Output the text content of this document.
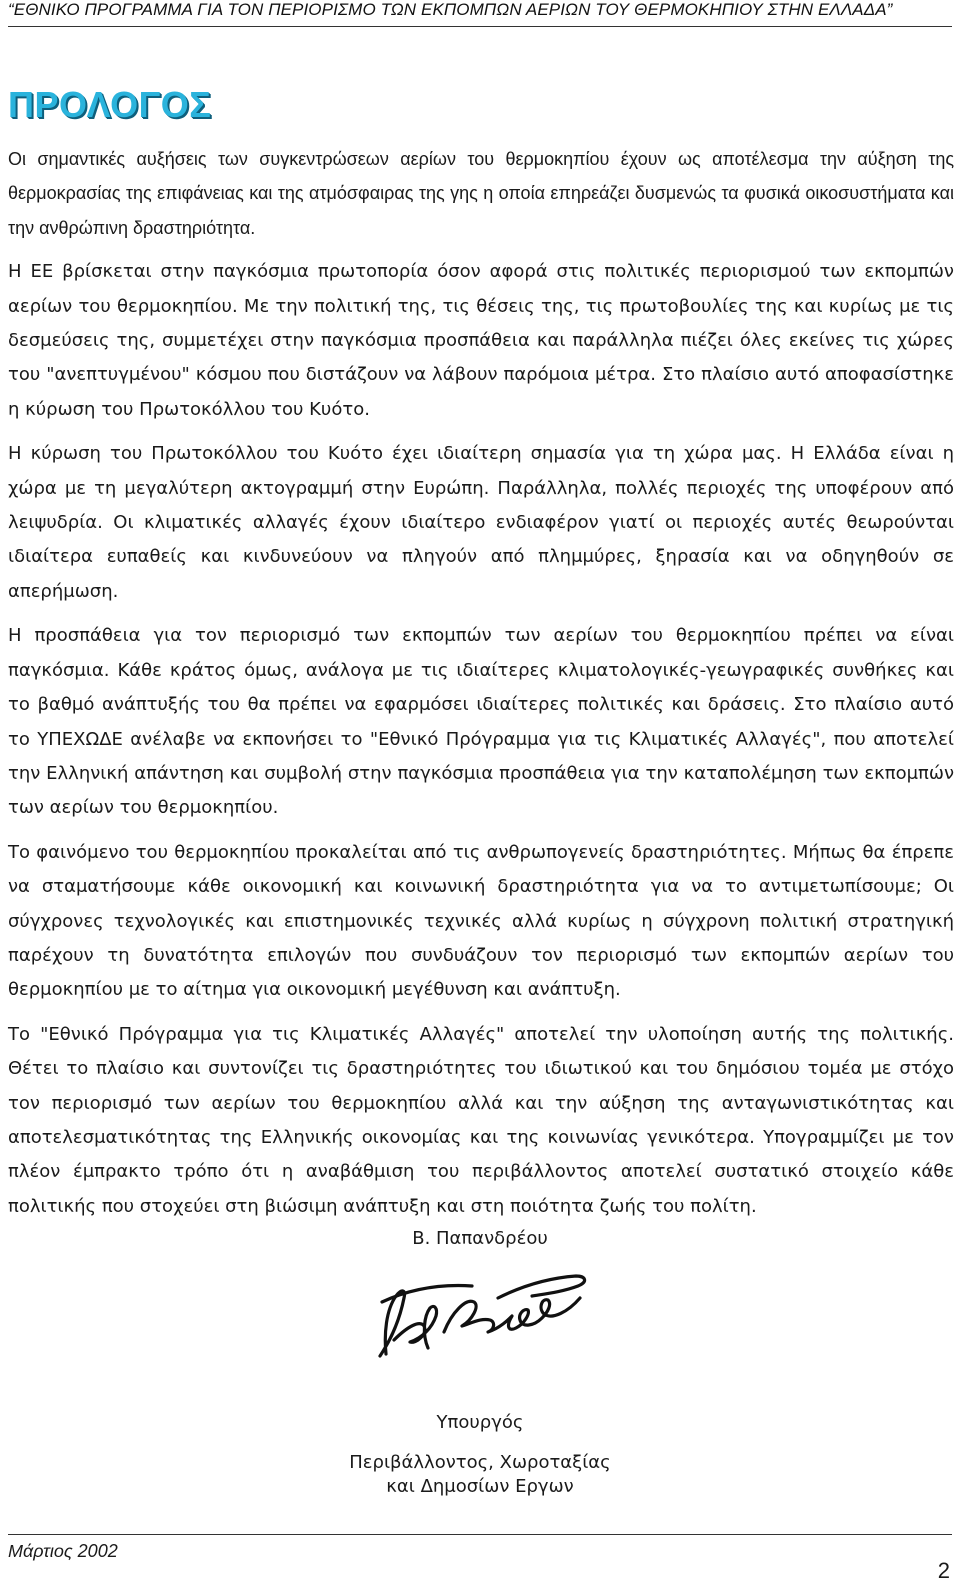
“ΕΘΝΙΚΟ ΠΡΟΓΡΑΜΜΑ ΓΙΑ ΤΟΝ ΠΕΡΙΟΡΙΣΜΟ ΤΩΝ ΕΚΠΟΜΠΩΝ ΑΕΡΙΩΝ ΤΟΥ ΘΕΡΜΟΚΗΠΙΟΥ ΣΤΗΝ ΕΛΛΑΔΑ”
ΠΡΟΛΟΓΟΣ

Οι σημαντικές αυξήσεις των συγκεντρώσεων αερίων του θερμοκηπίου έχουν ως αποτέλεσμα την αύξηση της θερμοκρασίας της επιφάνειας και της ατμόσφαιρας της γης η οποία επηρεάζει δυσμενώς τα φυσικά οικοσυστήματα και την ανθρώπινη δραστηριότητα.

Η ΕΕ βρίσκεται στην παγκόσμια πρωτοπορία όσον αφορά στις πολιτικές περιορισμού των εκπομπών αερίων του θερμοκηπίου. Με την πολιτική της, τις θέσεις της, τις πρωτοβουλίες της και κυρίως με τις δεσμεύσεις της, συμμετέχει στην παγκόσμια προσπάθεια και παράλληλα πιέζει όλες εκείνες τις χώρες του "ανεπτυγμένου" κόσμου που διστάζουν να λάβουν παρόμοια μέτρα. Στο πλαίσιο αυτό αποφασίστηκε η κύρωση του Πρωτοκόλλου του Κυότο.

Η κύρωση του Πρωτοκόλλου του Κυότο έχει ιδιαίτερη σημασία για τη χώρα μας. Η Ελλάδα είναι η χώρα με τη μεγαλύτερη ακτογραμμή στην Ευρώπη. Παράλληλα, πολλές περιοχές της υποφέρουν από λειψυδρία. Οι κλιματικές αλλαγές έχουν ιδιαίτερο ενδιαφέρον γιατί οι περιοχές αυτές θεωρούνται ιδιαίτερα ευπαθείς και κινδυνεύουν να πληγούν από πλημμύρες, ξηρασία και να οδηγηθούν σε απερήμωση.

Η προσπάθεια για τον περιορισμό των εκπομπών των αερίων του θερμοκηπίου πρέπει να είναι παγκόσμια. Κάθε κράτος όμως, ανάλογα με τις ιδιαίτερες κλιματολογικές-γεωγραφικές συνθήκες και το βαθμό ανάπτυξής του θα πρέπει να εφαρμόσει ιδιαίτερες πολιτικές και δράσεις. Στο πλαίσιο αυτό το ΥΠΕΧΩΔΕ ανέλαβε να εκπονήσει το "Εθνικό Πρόγραμμα για τις Κλιματικές Αλλαγές", που αποτελεί την Ελληνική απάντηση και συμβολή στην παγκόσμια προσπάθεια για την καταπολέμηση των εκπομπών των αερίων του θερμοκηπίου.

Το φαινόμενο του θερμοκηπίου προκαλείται από τις ανθρωπογενείς δραστηριότητες. Μήπως θα έπρεπε να σταματήσουμε κάθε οικονομική και κοινωνική δραστηριότητα για να το αντιμετωπίσουμε; Οι σύγχρονες τεχνολογικές και επιστημονικές τεχνικές αλλά κυρίως η σύγχρονη πολιτική στρατηγική παρέχουν τη δυνατότητα επιλογών που συνδυάζουν τον περιορισμό των εκπομπών αερίων του θερμοκηπίου με το αίτημα για οικονομική μεγέθυνση και ανάπτυξη.

Το "Εθνικό Πρόγραμμα για τις Κλιματικές Αλλαγές" αποτελεί την υλοποίηση αυτής της πολιτικής. Θέτει το πλαίσιο και συντονίζει τις δραστηριότητες του ιδιωτικού και του δημόσιου τομέα με στόχο τον περιορισμό των αερίων του θερμοκηπίου αλλά και την αύξηση της ανταγωνιστικότητας και αποτελεσματικότητας της Ελληνικής οικονομίας και της κοινωνίας γενικότερα. Υπογραμμίζει με τον πλέον έμπρακτο τρόπο ότι η αναβάθμιση του περιβάλλοντος αποτελεί συστατικό στοιχείο κάθε πολιτικής που στοχεύει στη βιώσιμη ανάπτυξη και στη ποιότητα ζωής του πολίτη.

Β. Παπανδρέου
Υπουργός
Περιβάλλοντος, Χωροταξίας
και Δημοσίων Εργων
Μάρτιος 2002
2
